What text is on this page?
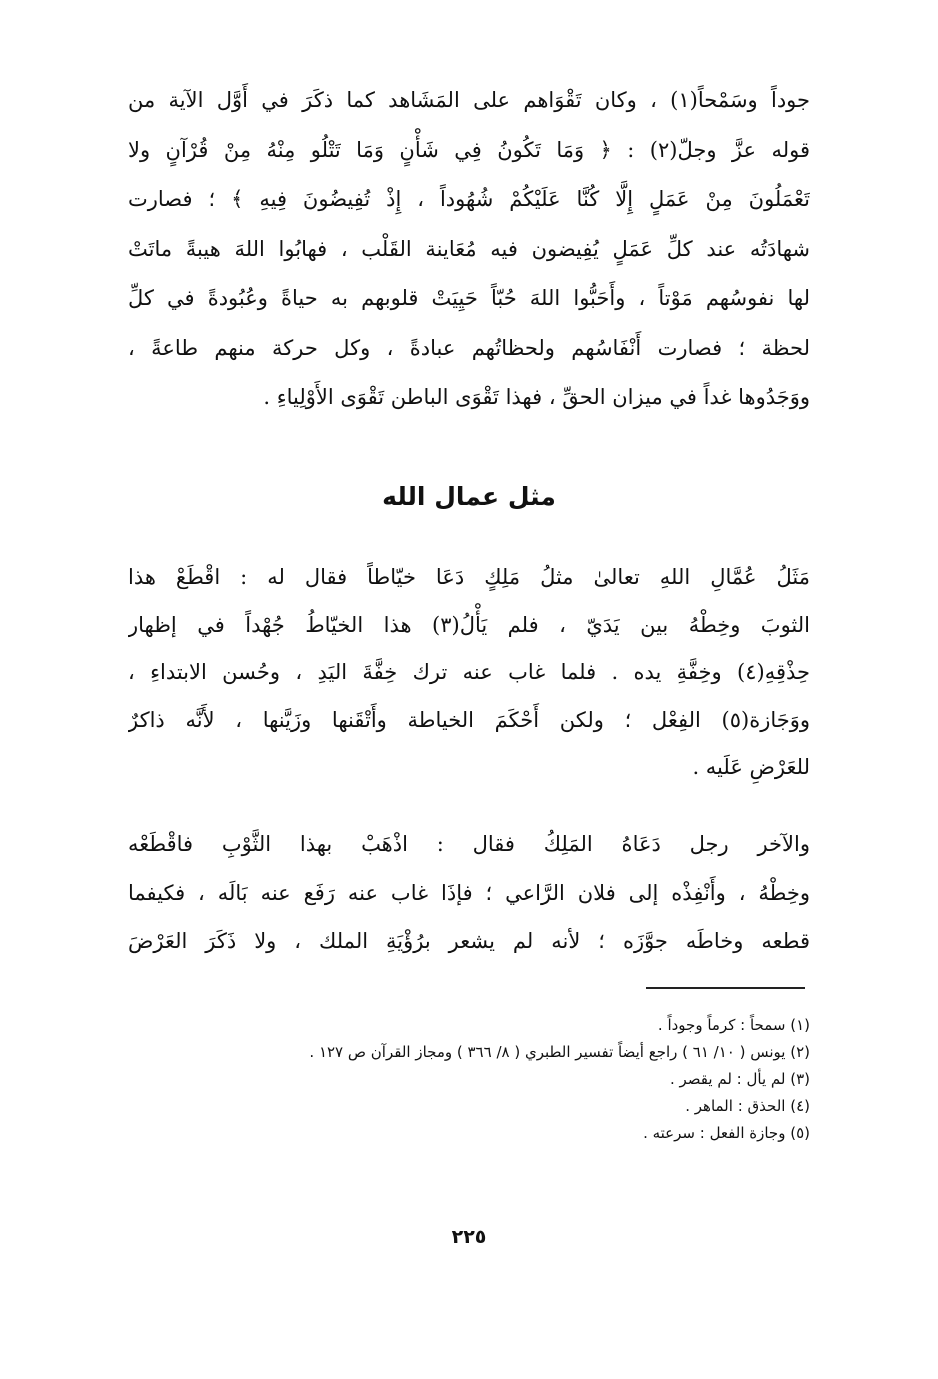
جوداً وسَمْحاً(١) ، وكان تَقْوَاهم على المَشَاهد كما ذكَرَ في أَوَّل الآية من
قوله عزَّ وجلّ(٢) : ﴿ وَمَا تَكُونُ فِي شَأْنٍ وَمَا تَتْلُو مِنْهُ مِنْ قُرْآنٍ ولا
تَعْمَلُونَ مِنْ عَمَلٍ إِلَّا كُنَّا عَلَيْكُمْ شُهُوداً ، إِذْ تُفِيضُونَ فِيهِ ﴾ ؛ فصارت
شهادَتُه عند كلِّ عَمَلٍ يُفِيضون فيه مُعَاينة القَلْب ، فهابُوا اللهَ هيبةً ماتَتْ
لها نفوسُهم مَوْتاً ، وأَحَبُّوا اللهَ حُبّاً حَيِيَتْ قلوبهم به حياةً وعُبُودةً في كلِّ
لحظة ؛ فصارت أَنْفَاسُهم ولحظاتُهم عبادةً ، وكل حركة منهم طاعةً ،
ووَجَدُوها غداً في ميزان الحقِّ ، فهذا تَقْوَى الباطن تَقْوَى الأَوْلِياءِ .
مثل عمال الله
مَثَلُ عُمَّالِ اللهِ تعالىٰ مثلُ مَلِكٍ دَعَا خيّاطاً فقال له : اقْطَعْ هذا
الثوبَ وخِطْهُ بين يَدَيّ ، فلم يَأْلُ(٣) هذا الخيّاطُ جُهْداً في إظهار
حِذْقِهِ(٤) وخِفَّةِ يده . فلما غاب عنه ترك خِفَّةَ اليَدِ ، وحُسن الابتداءِ ،
ووَجَازة(٥) الفِعْل ؛ ولكن أَحْكَمَ الخياطة وأَتْقَنها وزَيَّنها ، لأَنَّه ذاكرٌ
للعَرْضِ عَلَيه .
والآخر رجل دَعَاهُ المَلِكُ فقال : اذْهَبْ بهذا الثَّوْبِ فاقْطَعْه
وخِطْهُ ، وأَنْفِذْه إلى فلان الرَّاعي ؛ فإذَا غاب عنه رَفَع عنه بَالَه ، فكيفما
قطعه وخاطَه جوَّزَه ؛ لأنه لم يشعر برُؤْيَةِ الملك ، ولا ذَكَرَ العَرْضَ
(١) سمحاً : كرماً وجوداً .
(٢) يونس ( ١٠/ ٦١ ) راجع أيضاً تفسير الطبري ( ٨/ ٣٦٦ ) ومجاز القرآن ص ١٢٧ .
(٣) لم يأل : لم يقصر .
(٤) الحذق : الماهر .
(٥) وجازة الفعل : سرعته .
٢٢٥
